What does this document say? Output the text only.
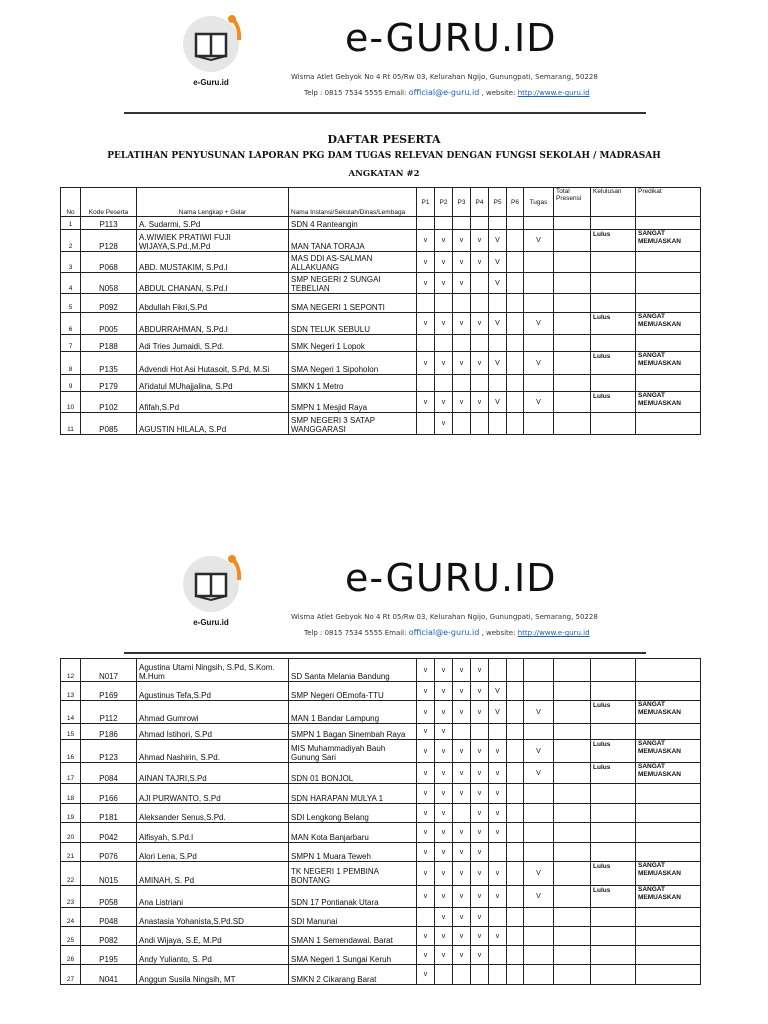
e-Guru.id
e-GURU.ID
Wisma Atlet Gebyok No 4 Rt 05/Rw 03, Kelurahan Ngijo, Gunungpati, Semarang, 50228
Telp : 0815 7534 5555 Email: official@e-guru.id , website: http://www.e-guru.id
DAFTAR PESERTA
PELATIHAN PENYUSUNAN LAPORAN PKG DAM TUGAS RELEVAN DENGAN FUNGSI SEKOLAH / MADRASAH
ANGKATAN #2
No	Kode Peserta	Nama Lengkap + Gelar	Nama Instansi/Sekolah/Dinas/Lembaga	P1	P2	P3	P4	P5	P6	Tugas	Total Presensi	Kelulusan	Predikat
1	P113	A. Sudarmi, S.Pd	SDN 4 Ranteangin										
2	P128	A.WIWIEK PRATIWI FUJI WIJAYA,S.Pd.,M.Pd	MAN TANA TORAJA	v	v	v	v	V		V		Lulus	SANGAT MEMUASKAN
3	P068	ABD. MUSTAKIM, S.Pd.I	MAS DDI AS-SALMAN ALLAKUANG	v	v	v	v	V					
4	N058	ABDUL CHANAN, S.Pd.I	SMP NEGERI 2 SUNGAI TEBELIAN	v	v	v		V					
5	P092	Abdullah Fikri,S.Pd	SMA NEGERI 1 SEPONTI										
6	P005	ABDURRAHMAN, S.Pd.I	SDN TELUK SEBULU	v	v	v	v	V		V		Lulus	SANGAT MEMUASKAN
7	P188	Adi Tries Jumaidi, S.Pd.	SMK Negeri 1 Lopok										
8	P135	Advendi Hot Asi Hutasoit, S.Pd, M.Si	SMA Negeri 1 Sipoholon	v	v	v	v	V		V		Lulus	SANGAT MEMUASKAN
9	P179	Al'idatul MUhajjalina, S.Pd	SMKN 1 Metro										
10	P102	Afifah,S.Pd	SMPN 1 Mesjid Raya	v	v	v	v	V		V		Lulus	SANGAT MEMUASKAN
11	P085	AGUSTIN HILALA, S.Pd	SMP NEGERI 3 SATAP WANGGARASI		v								
e-Guru.id
e-GURU.ID
Wisma Atlet Gebyok No 4 Rt 05/Rw 03, Kelurahan Ngijo, Gunungpati, Semarang, 50228
Telp : 0815 7534 5555 Email: official@e-guru.id , website: http://www.e-guru.id
12	N017	Agustina Utami Ningsih, S.Pd, S.Kom. M.Hum	SD Santa Melania Bandung	v	v	v	v						
13	P169	Agustinus Tefa,S.Pd	SMP Negeri OEmofa-TTU	v	v	v	v	V					
14	P112	Ahmad Gumrowi	MAN 1 Bandar Lampung	v	v	v	v	V		V		Lulus	SANGAT MEMUASKAN
15	P186	Ahmad Istihori, S.Pd	SMPN 1 Bagan Sinembah Raya	v	v								
16	P123	Ahmad Nashirin, S.Pd.	MIS Muhammadiyah Bauh Gunung Sari	v	v	v	v	v		V		Lulus	SANGAT MEMUASKAN
17	P084	AINAN TAJRI,S.Pd	SDN 01 BONJOL	v	v	v	v	v		V		Lulus	SANGAT MEMUASKAN
18	P166	AJI PURWANTO, S.Pd	SDN HARAPAN MULYA 1	v	v	v	v	v					
19	P181	Aleksander Senus,S.Pd.	SDI Lengkong Belang	v	v		v	v					
20	P042	Alfisyah, S.Pd.I	MAN Kota Banjarbaru	v	v	v	v	v					
21	P076	Alori Lena, S.Pd	SMPN 1 Muara Teweh	v	v	v	v						
22	N015	AMINAH, S. Pd	TK NEGERI 1 PEMBINA BONTANG	v	v	v	v	v		V		Lulus	SANGAT MEMUASKAN
23	P058	Ana Listriani	SDN 17 Pontianak Utara	v	v	v	v	v		V		Lulus	SANGAT MEMUASKAN
24	P048	Anastasia Yohanista,S.Pd.SD	SDI Manunai		v	v	v						
25	P082	Andi Wijaya, S.E, M.Pd	SMAN 1 Semendawai. Barat	v	v	v	v	v					
26	P195	Andy Yulianto, S. Pd	SMA Negeri 1 Sungai Keruh	v	v	v	v						
27	N041	Anggun Susila Ningsih, MT	SMKN 2 Cikarang Barat	v									
